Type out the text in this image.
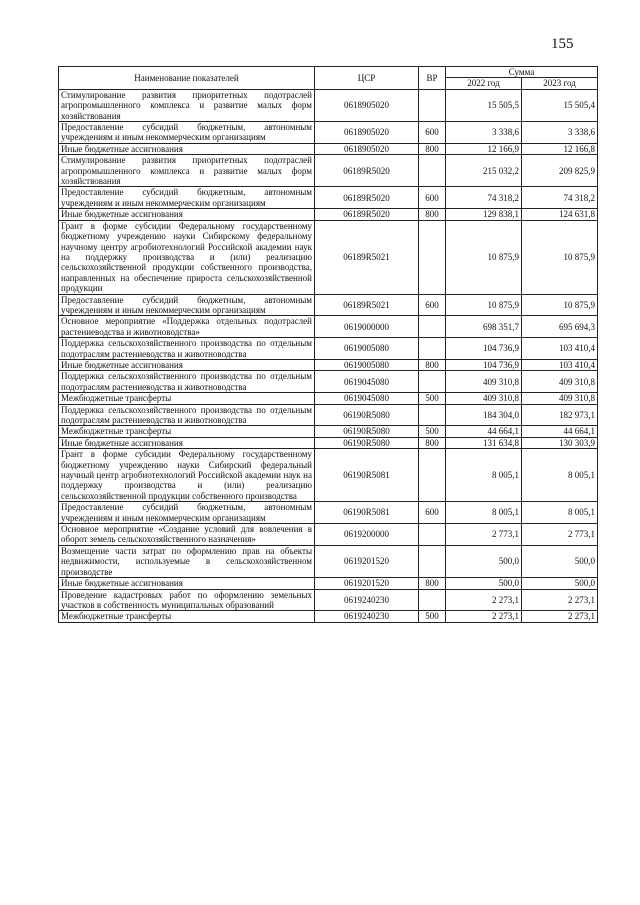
155
Наименование показателей	ЦСР	ВР	Сумма	
			2022 год	2023 год
Стимулирование развития приоритетных подотраслей агропромышленного комплекса и развитие малых форм хозяйствования	0618905020		15 505,5	15 505,4
Предоставление субсидий бюджетным, автономным учреждениям и иным некоммерческим организациям	0618905020	600	3 338,6	3 338,6
Иные бюджетные ассигнования	0618905020	800	12 166,9	12 166,8
Стимулирование развития приоритетных подотраслей агропромышленного комплекса и развитие малых форм хозяйствования	06189R5020		215 032,2	209 825,9
Предоставление субсидий бюджетным, автономным учреждениям и иным некоммерческим организациям	06189R5020	600	74 318,2	74 318,2
Иные бюджетные ассигнования	06189R5020	800	129 838,1	124 631,8
Грант в форме субсидии Федеральному государственному бюджетному учреждению науки Сибирскому федеральному научному центру агробиотехнологий Российской академии наук на поддержку производства и (или) реализацию сельскохозяйственной продукции собственного производства, направленных на обеспечение прироста сельскохозяйственной продукции	06189R5021		10 875,9	10 875,9
Предоставление субсидий бюджетным, автономным учреждениям и иным некоммерческим организациям	06189R5021	600	10 875,9	10 875,9
Основное мероприятие «Поддержка отдельных подотраслей растениеводства и животноводства»	0619000000		698 351,7	695 694,3
Поддержка сельскохозяйственного производства по отдельным подотраслям растениеводства и животноводства	0619005080		104 736,9	103 410,4
Иные бюджетные ассигнования	0619005080	800	104 736,9	103 410,4
Поддержка сельскохозяйственного производства по отдельным подотраслям растениеводства и животноводства	0619045080		409 310,8	409 310,8
Межбюджетные трансферты	0619045080	500	409 310,8	409 310,8
Поддержка сельскохозяйственного производства по отдельным подотраслям растениеводства и животноводства	06190R5080		184 304,0	182 973,1
Межбюджетные трансферты	06190R5080	500	44 664,1	44 664,1
Иные бюджетные ассигнования	06190R5080	800	131 634,8	130 303,9
Грант в форме субсидии Федеральному государственному бюджетному учреждению науки Сибирский федеральный научный центр агробиотехнологий Российской академии наук на поддержку производства и (или) реализацию сельскохозяйственной продукции собственного производства	06190R5081		8 005,1	8 005,1
Предоставление субсидий бюджетным, автономным учреждениям и иным некоммерческим организациям	06190R5081	600	8 005,1	8 005,1
Основное мероприятие «Создание условий для вовлечения в оборот земель сельскохозяйственного назначения»	0619200000		2 773,1	2 773,1
Возмещение части затрат по оформлению прав на объекты недвижимости, используемые в сельскохозяйственном производстве	0619201520		500,0	500,0
Иные бюджетные ассигнования	0619201520	800	500,0	500,0
Проведение кадастровых работ по оформлению земельных участков в собственность муниципальных образований	0619240230		2 273,1	2 273,1
Межбюджетные трансферты	0619240230	500	2 273,1	2 273,1
